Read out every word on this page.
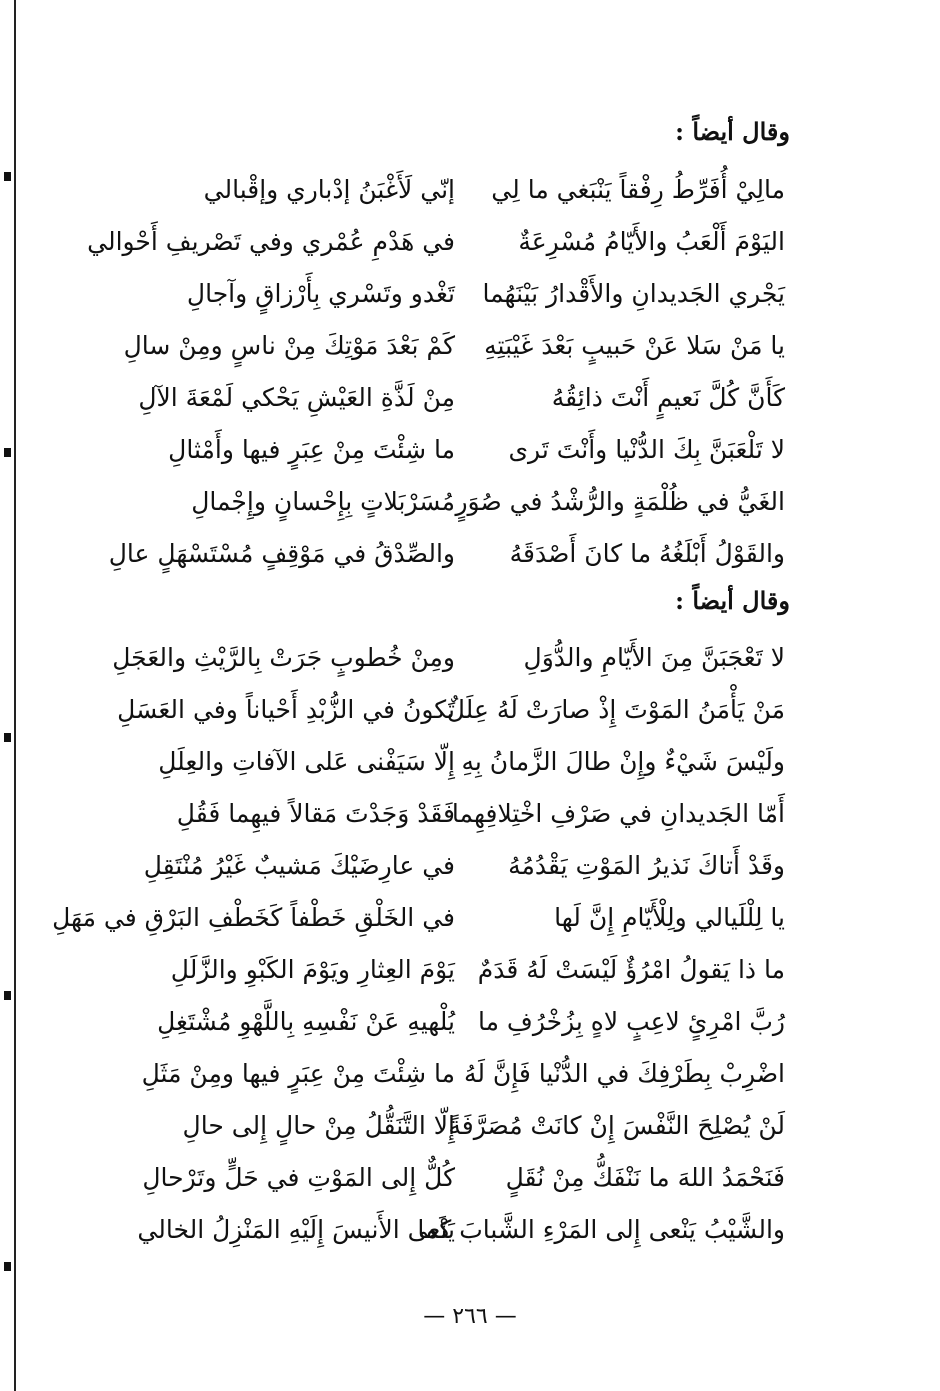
وقال أيضاً :
مالِيْ أُفَرِّطُ رِفْقاً يَنْبَغي ما لِي
إنّي لَأَغْبَنُ إدْباري وإقْبالي
اليَوْمَ أَلْعَبُ والأَيّامُ مُسْرِعَةٌ
في هَدْمِ عُمْري وفي تَصْريفِ أَحْوالي
يَجْري الجَديدانِ والأَقْدارُ بَيْنَهُما
تَغْدو وتَسْري بِأَرْزاقٍ وآجالِ
يا مَنْ سَلا عَنْ حَبيبٍ بَعْدَ غَيْبَتِهِ
كَمْ بَعْدَ مَوْتِكَ مِنْ ناسٍ ومِنْ سالِ
كَأَنَّ كُلَّ نَعيمٍ أَنْتَ ذائِقُهُ
مِنْ لَذَّةِ العَيْشِ يَحْكي لَمْعَةَ الآلِ
لا تَلْعَبَنَّ بِكَ الدُّنْيا وأَنْتَ تَرى
ما شِئْتَ مِنْ عِبَرٍ فيها وأَمْثالِ
الغَيُّ في ظُلْمَةٍ والرُّشْدُ في صُوَرٍ
مُسَرْبَلاتٍ بِإِحْسانٍ وإِجْمالِ
والقَوْلُ أَبْلَغُهُ ما كانَ أَصْدَقَهُ
والصِّدْقُ في مَوْقِفٍ مُسْتَسْهَلٍ عالِ
وقال أيضاً :
لا تَعْجَبَنَّ مِنَ الأَيّامِ والدُّوَلِ
ومِنْ خُطوبٍ جَرَتْ بِالرَّيْثِ والعَجَلِ
مَنْ يَأْمَنُ المَوْتَ إِذْ صارَتْ لَهُ عِلَلٌ
تَكونُ في الزُّبْدِ أَحْياناً وفي العَسَلِ
ولَيْسَ شَيْءٌ وإِنْ طالَ الزَّمانُ بِهِ
إِلّا سَيَفْنى عَلى الآفاتِ والعِلَلِ
أَمّا الجَديدانِ في صَرْفِ اخْتِلافِهِما
فَقَدْ وَجَدْتَ مَقالاً فيهِما فَقُلِ
وقَدْ أَتاكَ نَذيرُ المَوْتِ يَقْدُمُهُ
في عارِضَيْكَ مَشيبٌ غَيْرُ مُنْتَقِلِ
يا لِلْلَيالي ولِلْأَيّامِ إِنَّ لَها
في الخَلْقِ خَطْفاً كَخَطْفِ البَرْقِ في مَهَلِ
ما ذا يَقولُ امْرُؤٌ لَيْسَتْ لَهُ قَدَمٌ
يَوْمَ العِثارِ ويَوْمَ الكَبْوِ والزَّلَلِ
رُبَّ امْرِئٍ لاعِبٍ لاهٍ بِزُخْرُفِ ما
يُلْهيهِ عَنْ نَفْسِهِ بِاللَّهْوِ مُشْتَغِلِ
اضْرِبْ بِطَرْفِكَ في الدُّنْيا فَإِنَّ لَهُ
ما شِئْتَ مِنْ عِبَرٍ فيها ومِنْ مَثَلِ
لَنْ يُصْلِحَ النَّفْسَ إِنْ كانَتْ مُصَرَّفَةً
إِلّا التَّنَقُّلُ مِنْ حالٍ إِلى حالِ
فَنَحْمَدُ اللهَ ما نَنْفَكُّ مِنْ نُقَلٍ
كُلٌّ إِلى المَوْتِ في حَلٍّ وتَرْحالِ
والشَّيْبُ يَنْعى إِلى المَرْءِ الشَّبابَ كَما
يَنْعى الأَنيسَ إِلَيْهِ المَنْزِلُ الخالي
— ٢٦٦ —
